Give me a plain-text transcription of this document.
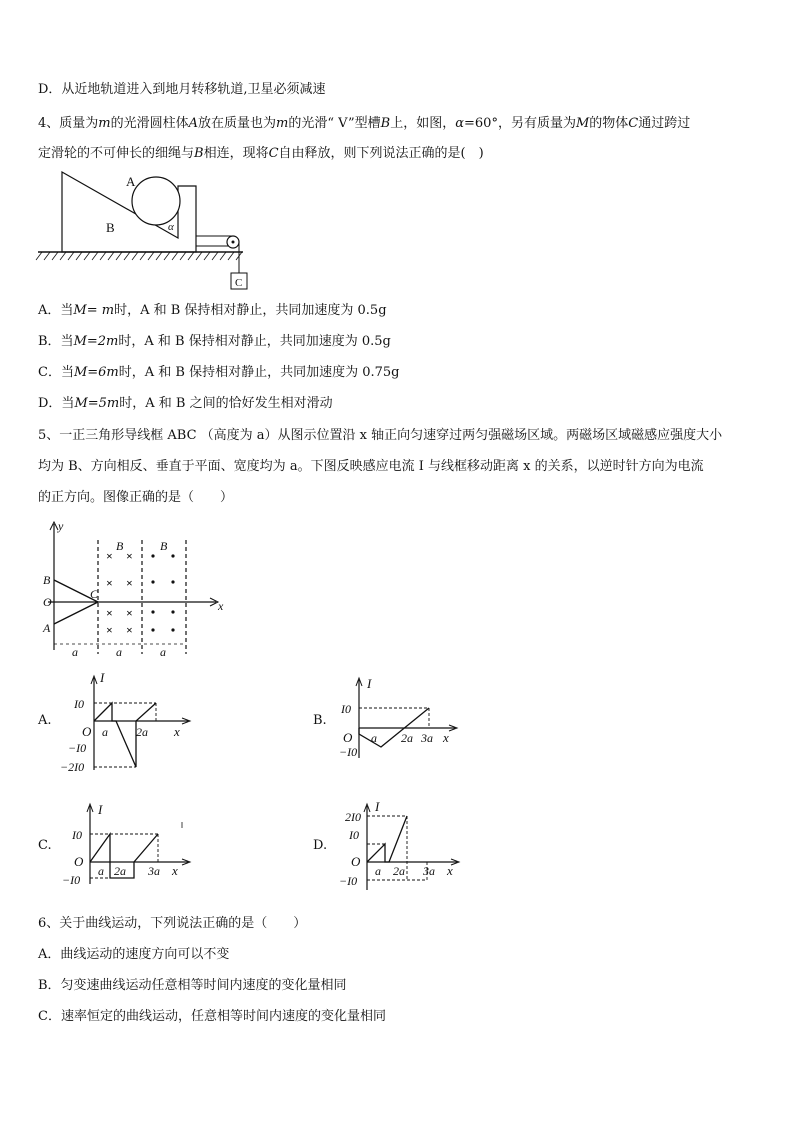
D．从近地轨道进入到地月转移轨道,卫星必须减速
4、质量为m的光滑圆柱体A放在质量也为m的光滑“ V”型槽B上，如图，α=60°，另有质量为M的物体C通过跨过
定滑轮的不可伸长的细绳与B相连，现将C自由释放，则下列说法正确的是(　)
A
B	α
C
A．当M= m时，A 和 B 保持相对静止，共同加速度为 0.5g
B．当M=2m时，A 和 B 保持相对静止，共同加速度为 0.5g
C．当M=6m时，A 和 B 保持相对静止，共同加速度为 0.75g
D．当M=5m时，A 和 B 之间的恰好发生相对滑动
5、一正三角形导线框 ABC （高度为 a）从图示位置沿 x 轴正向匀速穿过两匀强磁场区域。两磁场区域磁感应强度大小
均为 B、方向相反、垂直于平面、宽度均为 a。下图反映感应电流 I 与线框移动距离 x 的关系，以逆时针方向为电流
的正方向。图像正确的是（　　）
× ×
× ×
× ×
× ×
y
x
O
B
A
C
B	B
a	a	a
A.	B.
C.	D.
I
I0
O
−I0
−2I0
a 2a x
I
I0
O
−I0
a 2a 3a x
I
I0
O
−I0
a 2a 3a x
I
2I0
I0
O
−I0
a 2a 3a x
6、关于曲线运动，下列说法正确的是（　　）
A．曲线运动的速度方向可以不变
B．匀变速曲线运动任意相等时间内速度的变化量相同
C．速率恒定的曲线运动，任意相等时间内速度的变化量相同
